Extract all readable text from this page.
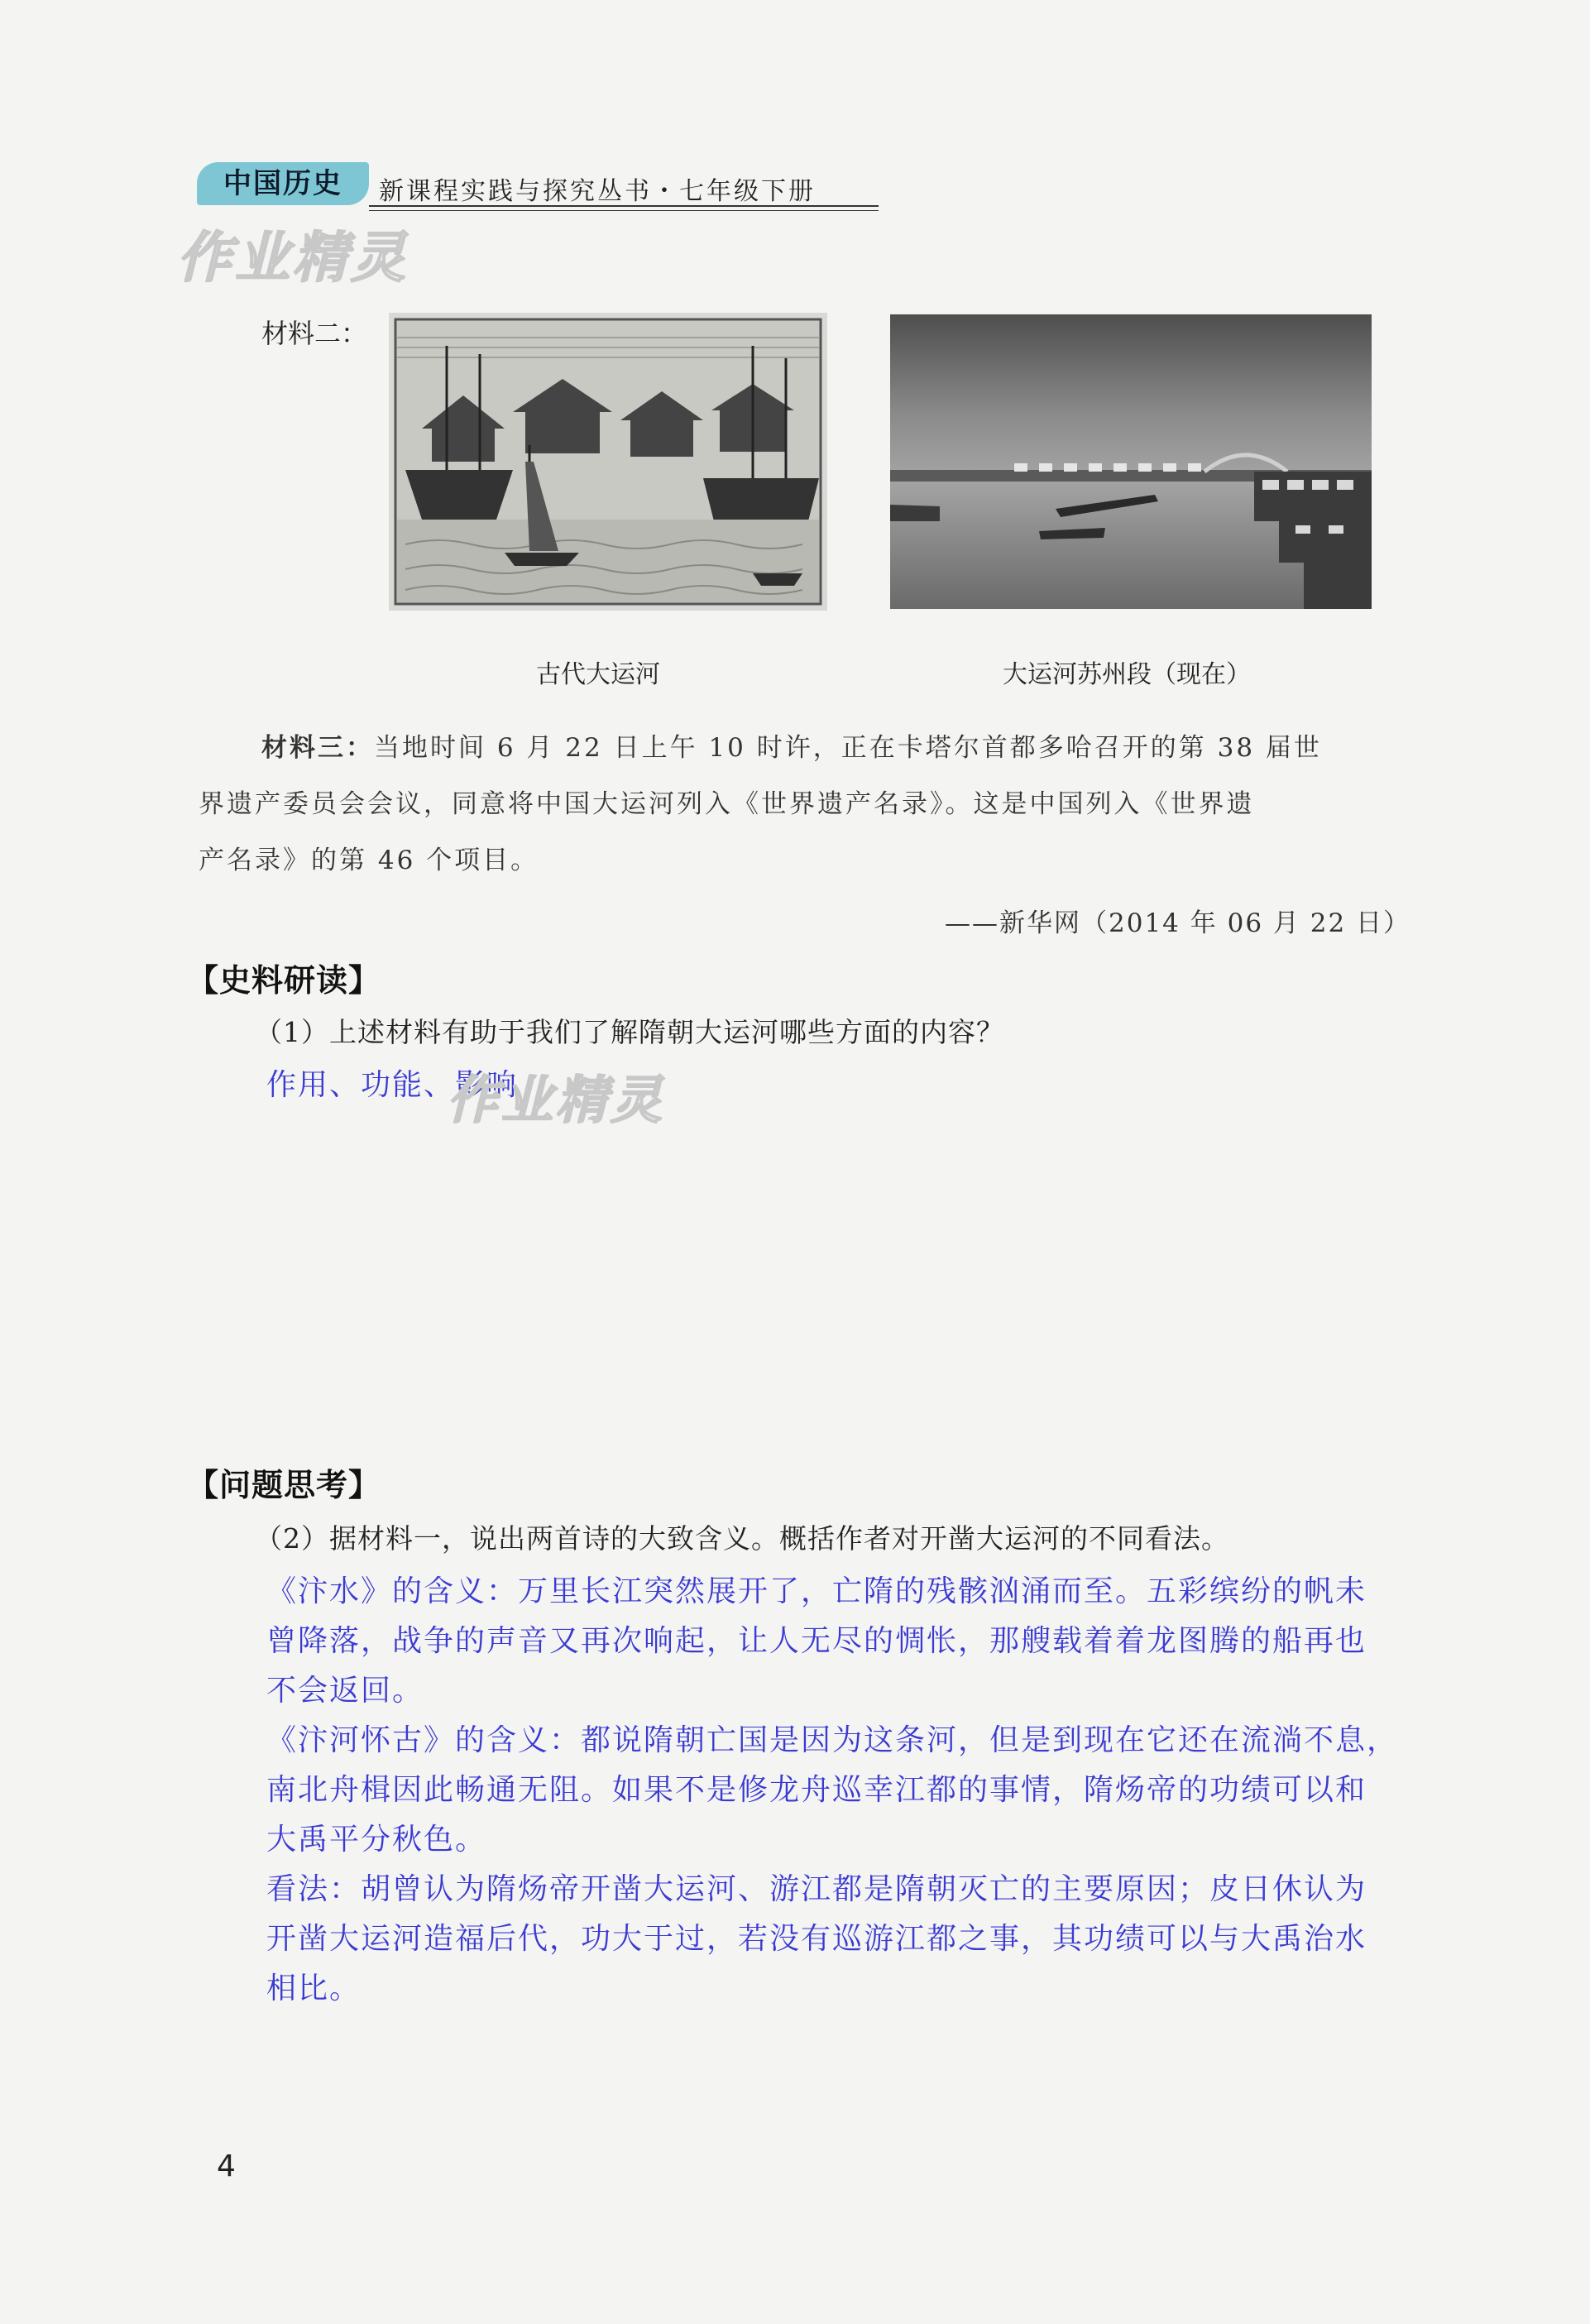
中国历史	新课程实践与探究丛书・七年级下册
作业精灵
材料二：
古代大运河	大运河苏州段（现在）
材料三：当地时间 6 月 22 日上午 10 时许，正在卡塔尔首都多哈召开的第 38 届世
界遗产委员会会议，同意将中国大运河列入《世界遗产名录》。这是中国列入《世界遗
产名录》的第 46 个项目。
——新华网（2014 年 06 月 22 日）
【史料研读】
（1）上述材料有助于我们了解隋朝大运河哪些方面的内容？
作用、功能、影响
作业精灵
【问题思考】
（2）据材料一，说出两首诗的大致含义。概括作者对开凿大运河的不同看法。
《汴水》的含义：万里长江突然展开了，亡隋的残骸汹涌而至。五彩缤纷的帆未
曾降落，战争的声音又再次响起，让人无尽的惆怅，那艘载着着龙图腾的船再也
不会返回。
《汴河怀古》的含义：都说隋朝亡国是因为这条河，但是到现在它还在流淌不息，
南北舟楫因此畅通无阻。如果不是修龙舟巡幸江都的事情，隋炀帝的功绩可以和
大禹平分秋色。
看法：胡曾认为隋炀帝开凿大运河、游江都是隋朝灭亡的主要原因；皮日休认为
开凿大运河造福后代，功大于过，若没有巡游江都之事，其功绩可以与大禹治水
相比。
4
